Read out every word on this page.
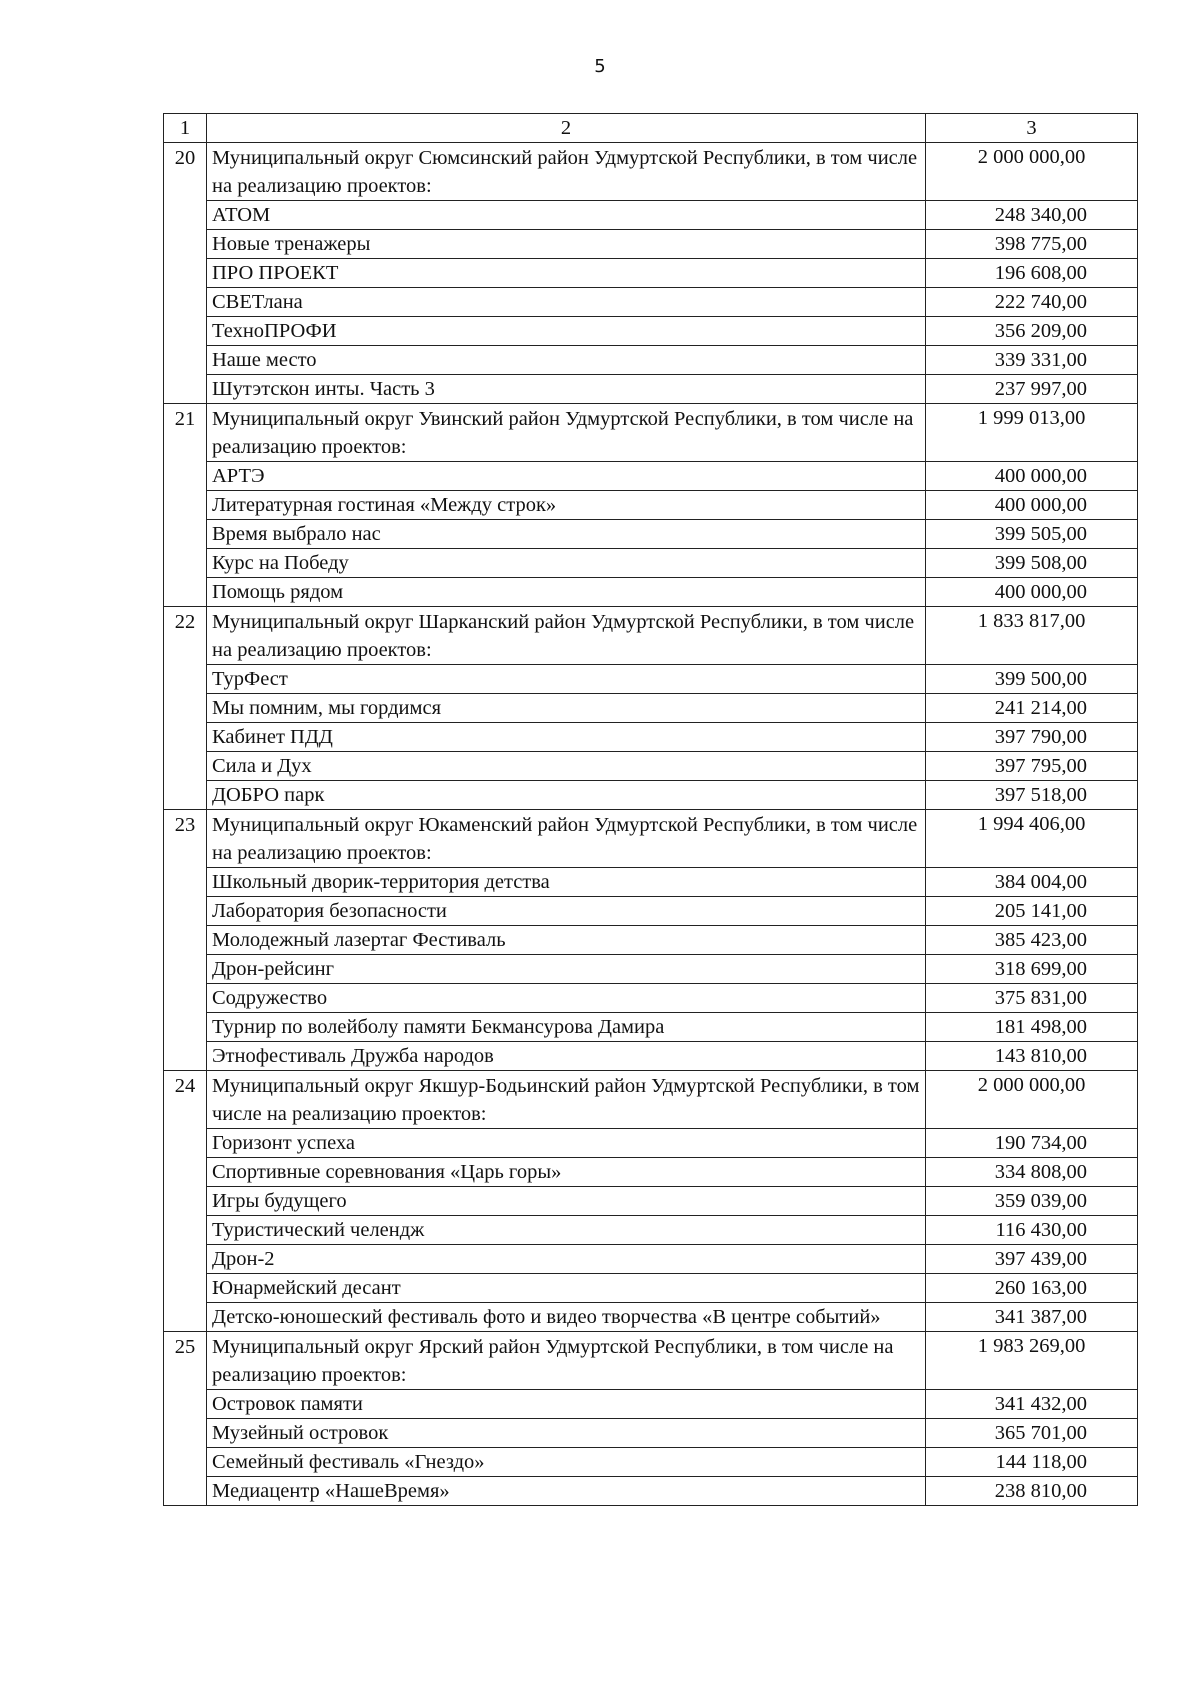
5
1	2	3
20	Муниципальный округ Сюмсинский район Удмуртской Республики, в том числе на реализацию проектов:	2 000 000,00
	АТОМ	248 340,00
	Новые тренажеры	398 775,00
	ПРО ПРОЕКТ	196 608,00
	СВЕТлана	222 740,00
	ТехноПРОФИ	356 209,00
	Наше место	339 331,00
	Шутэтскон инты. Часть 3	237 997,00
21	Муниципальный округ Увинский район Удмуртской Республики, в том числе на реализацию проектов:	1 999 013,00
	АРТЭ	400 000,00
	Литературная гостиная «Между строк»	400 000,00
	Время выбрало нас	399 505,00
	Курс на Победу	399 508,00
	Помощь рядом	400 000,00
22	Муниципальный округ Шарканский район Удмуртской Республики, в том числе на реализацию проектов:	1 833 817,00
	ТурФест	399 500,00
	Мы помним, мы гордимся	241 214,00
	Кабинет ПДД	397 790,00
	Сила и Дух	397 795,00
	ДОБРО парк	397 518,00
23	Муниципальный округ Юкаменский район Удмуртской Республики, в том числе на реализацию проектов:	1 994 406,00
	Школьный дворик-территория детства	384 004,00
	Лаборатория безопасности	205 141,00
	Молодежный лазертаг Фестиваль	385 423,00
	Дрон-рейсинг	318 699,00
	Содружество	375 831,00
	Турнир по волейболу памяти Бекмансурова Дамира	181 498,00
	Этнофестиваль Дружба народов	143 810,00
24	Муниципальный округ Якшур-Бодьинский район Удмуртской Республики, в том числе на реализацию проектов:	2 000 000,00
	Горизонт успеха	190 734,00
	Спортивные соревнования «Царь горы»	334 808,00
	Игры будущего	359 039,00
	Туристический челендж	116 430,00
	Дрон-2	397 439,00
	Юнармейский десант	260 163,00
	Детско-юношеский фестиваль фото и видео творчества «В центре событий»	341 387,00
25	Муниципальный округ Ярский район Удмуртской Республики, в том числе на реализацию проектов:	1 983 269,00
	Островок памяти	341 432,00
	Музейный островок	365 701,00
	Семейный фестиваль «Гнездо»	144 118,00
	Медиацентр «НашеВремя»	238 810,00
